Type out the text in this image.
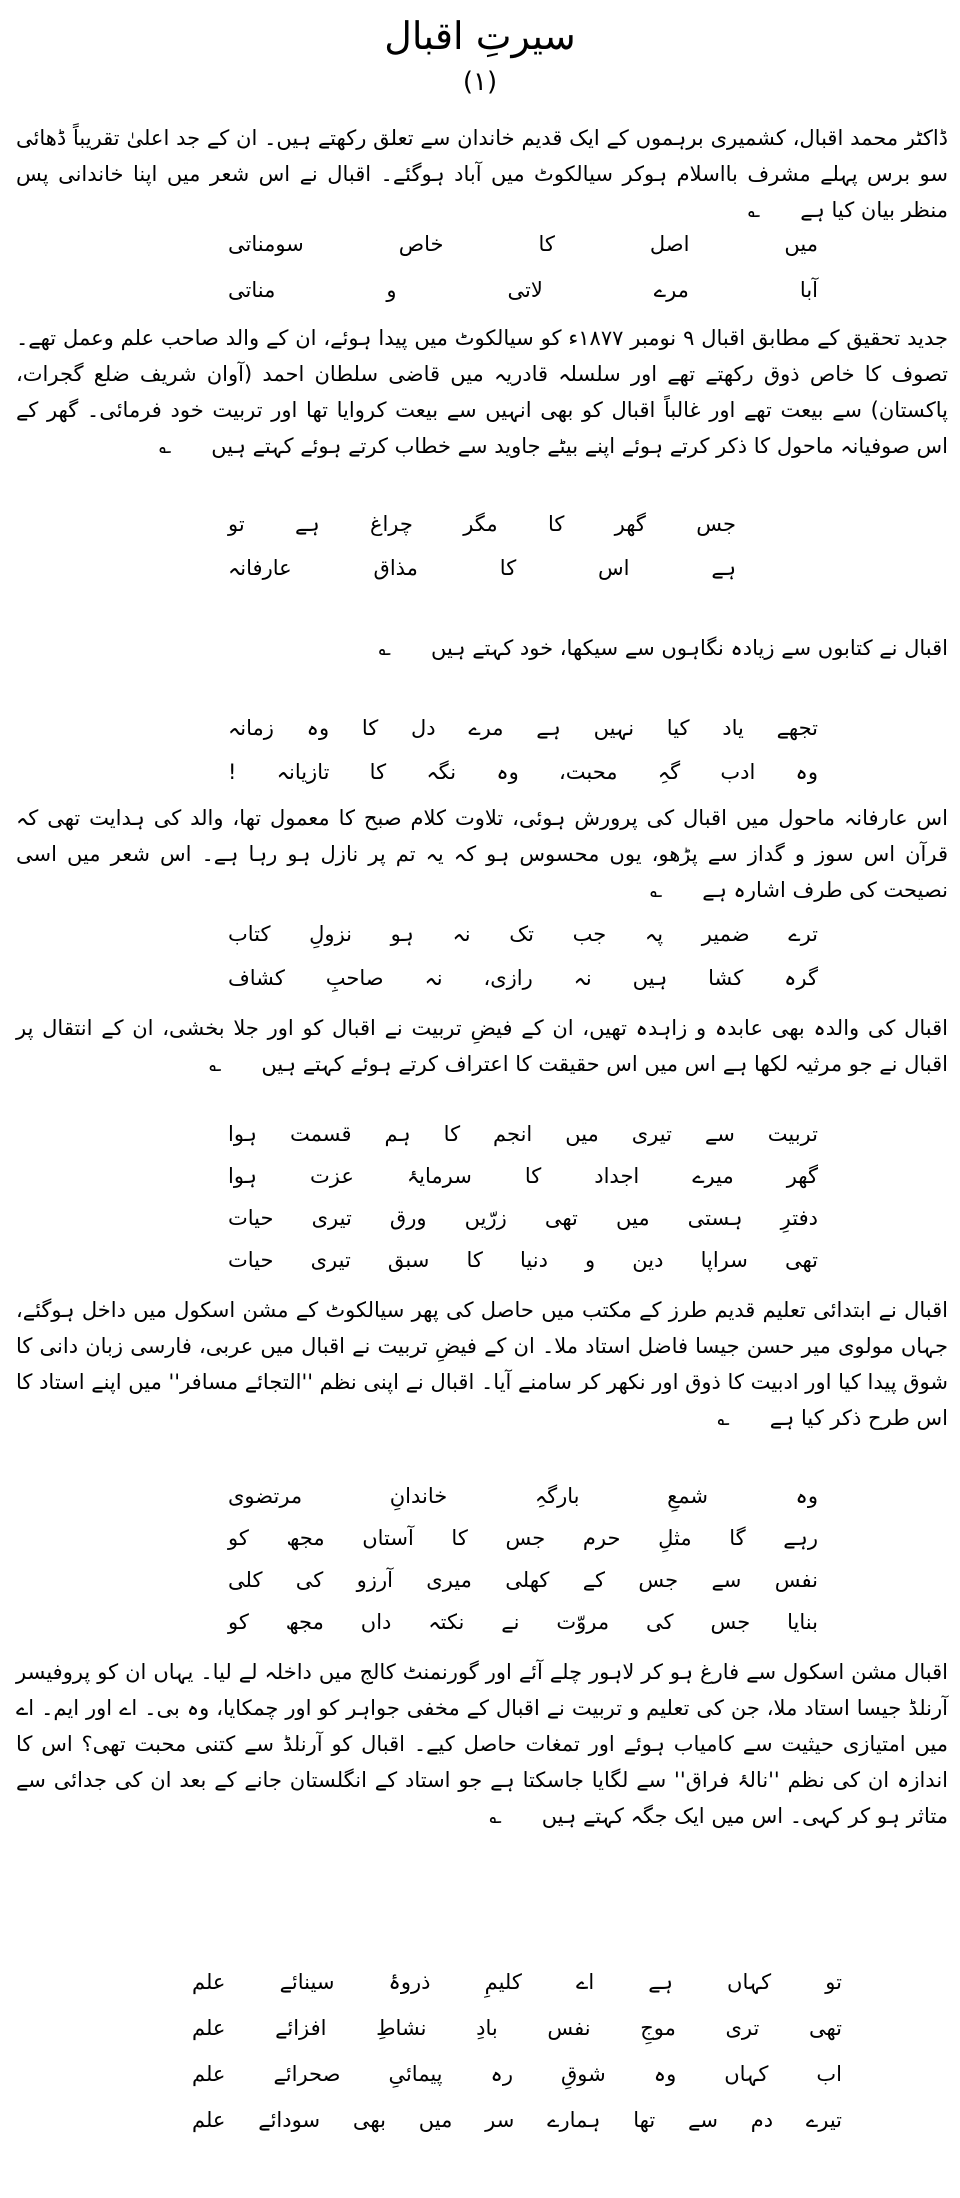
سیرتِ اقبال
(۱)
ڈاکٹر محمد اقبال، کشمیری برہموں کے ایک قدیم خاندان سے تعلق رکھتے ہیں۔ ان کے جد اعلیٰ تقریباً ڈھائی سو برس پہلے مشرف بااسلام ہوکر سیالکوٹ میں آباد ہوگئے۔ اقبال نے اس شعر میں اپنا خاندانی پس منظر بیان کیا ہے؎
میں اصل کا خاص سومناتی
آبا مرے لاتی و مناتی
جدید تحقیق کے مطابق اقبال ۹ نومبر ۱۸۷۷ء کو سیالکوٹ میں پیدا ہوئے، ان کے والد صاحب علم وعمل تھے۔ تصوف کا خاص ذوق رکھتے تھے اور سلسلہ قادریہ میں قاضی سلطان احمد (آوان شریف ضلع گجرات، پاکستان) سے بیعت تھے اور غالباً اقبال کو بھی انہیں سے بیعت کروایا تھا اور تربیت خود فرمائی۔ گھر کے اس صوفیانہ ماحول کا ذکر کرتے ہوئے اپنے بیٹے جاوید سے خطاب کرتے ہوئے کہتے ہیں؎
جس گھر کا مگر چراغ ہے تو
ہے اس کا مذاق عارفانہ
اقبال نے کتابوں سے زیادہ نگاہوں سے سیکھا، خود کہتے ہیں؎
تجھے یاد کیا نہیں ہے مرے دل کا وہ زمانہ
وہ ادب گہِ محبت، وہ نگہ کا تازیانہ !
اس عارفانہ ماحول میں اقبال کی پرورش ہوئی، تلاوت کلام صبح کا معمول تھا، والد کی ہدایت تھی کہ قرآن اس سوز و گداز سے پڑھو، یوں محسوس ہو کہ یہ تم پر نازل ہو رہا ہے۔ اس شعر میں اسی نصیحت کی طرف اشارہ ہے؎
ترے ضمیر پہ جب تک نہ ہو نزولِ کتاب
گرہ کشا ہیں نہ رازی، نہ صاحبِ کشاف
اقبال کی والدہ بھی عابدہ و زاہدہ تھیں، ان کے فیضِ تربیت نے اقبال کو اور جلا بخشی، ان کے انتقال پر اقبال نے جو مرثیہ لکھا ہے اس میں اس حقیقت کا اعتراف کرتے ہوئے کہتے ہیں؎
تربیت سے تیری میں انجم کا ہم قسمت ہوا
گھر میرے اجداد کا سرمایۂ عزت ہوا
دفترِ ہستی میں تھی زرّیں ورق تیری حیات
تھی سراپا دین و دنیا کا سبق تیری حیات
اقبال نے ابتدائی تعلیم قدیم طرز کے مکتب میں حاصل کی پھر سیالکوٹ کے مشن اسکول میں داخل ہوگئے، جہاں مولوی میر حسن جیسا فاضل استاد ملا۔ ان کے فیضِ تربیت نے اقبال میں عربی، فارسی زبان دانی کا شوق پیدا کیا اور ادبیت کا ذوق اور نکھر کر سامنے آیا۔ اقبال نے اپنی نظم ''التجائے مسافر'' میں اپنے استاد کا اس طرح ذکر کیا ہے؎
وہ شمعِ بارگہِ خاندانِ مرتضوی
رہے گا مثلِ حرم جس کا آستاں مجھ کو
نفس سے جس کے کھلی میری آرزو کی کلی
بنایا جس کی مروّت نے نکتہ داں مجھ کو
اقبال مشن اسکول سے فارغ ہو کر لاہور چلے آئے اور گورنمنٹ کالج میں داخلہ لے لیا۔ یہاں ان کو پروفیسر آرنلڈ جیسا استاد ملا، جن کی تعلیم و تربیت نے اقبال کے مخفی جواہر کو اور چمکایا، وہ بی۔ اے اور ایم۔ اے میں امتیازی حیثیت سے کامیاب ہوئے اور تمغات حاصل کیے۔ اقبال کو آرنلڈ سے کتنی محبت تھی؟ اس کا اندازہ ان کی نظم ''نالۂ فراق'' سے لگایا جاسکتا ہے جو استاد کے انگلستان جانے کے بعد ان کی جدائی سے متاثر ہو کر کہی۔ اس میں ایک جگہ کہتے ہیں؎
تو کہاں ہے اے کلیمِ ذروۂ سینائے علم
تھی تری موجِ نفس بادِ نشاطِ افزائے علم
اب کہاں وہ شوقِ رہ پیمائیِ صحرائے علم
تیرے دم سے تھا ہمارے سر میں بھی سودائے علم
